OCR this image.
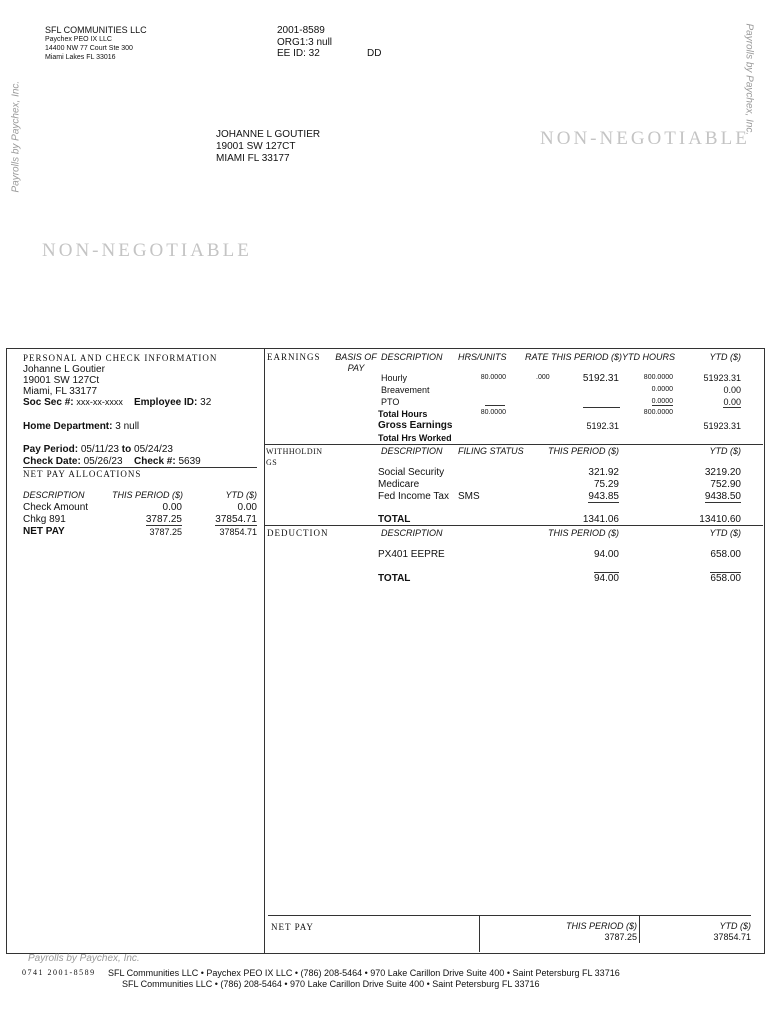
SFL COMMUNITIES LLC
Paychex PEO IX LLC
14400 NW 77 Court Ste 300
Miami Lakes FL 33016
2001-8589
ORG1:3 null
EE ID: 32	DD
JOHANNE L GOUTIER
19001 SW 127CT
MIAMI FL 33177
NON-NEGOTIABLE
NON-NEGOTIABLE
Payrolls by Paychex, Inc.
Payrolls by Paychex, Inc.
PERSONAL AND CHECK INFORMATION
Johanne L Goutier
19001 SW 127Ct
Miami, FL 33177
Soc Sec #: xxx-xx-xxxx Employee ID: 32
Home Department: 3 null
Pay Period: 05/11/23 to 05/24/23
Check Date: 05/26/23 Check #: 5639
NET PAY ALLOCATIONS
DESCRIPTION	THIS PERIOD ($)	YTD ($)
Check Amount	0.00	0.00
Chkg 891	3787.25	37854.71
NET PAY	3787.25	37854.71
EARNINGS	BASIS OF PAY
DESCRIPTION HRS/UNITS RATE THIS PERIOD ($) YTD HOURS	YTD ($)
Hourly	80.0000	.000	5192.31	800.0000	51923.31
Breavement	0.0000	0.00
PTO	0.0000	0.00
Total Hours	80.0000	800.0000
Gross Earnings	5192.31	51923.31
Total Hrs Worked
WITHHOLDINGS
DESCRIPTION FILING STATUS	THIS PERIOD ($)	YTD ($)
Social Security	321.92	3219.20
Medicare	75.29	752.90
Fed Income Tax SMS	943.85	9438.50
TOTAL	1341.06	13410.60
DEDUCTION	DESCRIPTION	THIS PERIOD ($)	YTD ($)
PX401 EEPRE	94.00	658.00
TOTAL	94.00	658.00
NET PAY	THIS PERIOD ($)	YTD ($)
3787.25	37854.71
Payrolls by Paychex, Inc.
0741 2001-8589 SFL Communities LLC • Paychex PEO IX LLC • (786) 208-5464 • 970 Lake Carillon Drive Suite 400 • Saint Petersburg FL 33716
SFL Communities LLC • (786) 208-5464 • 970 Lake Carillon Drive Suite 400 • Saint Petersburg FL 33716
